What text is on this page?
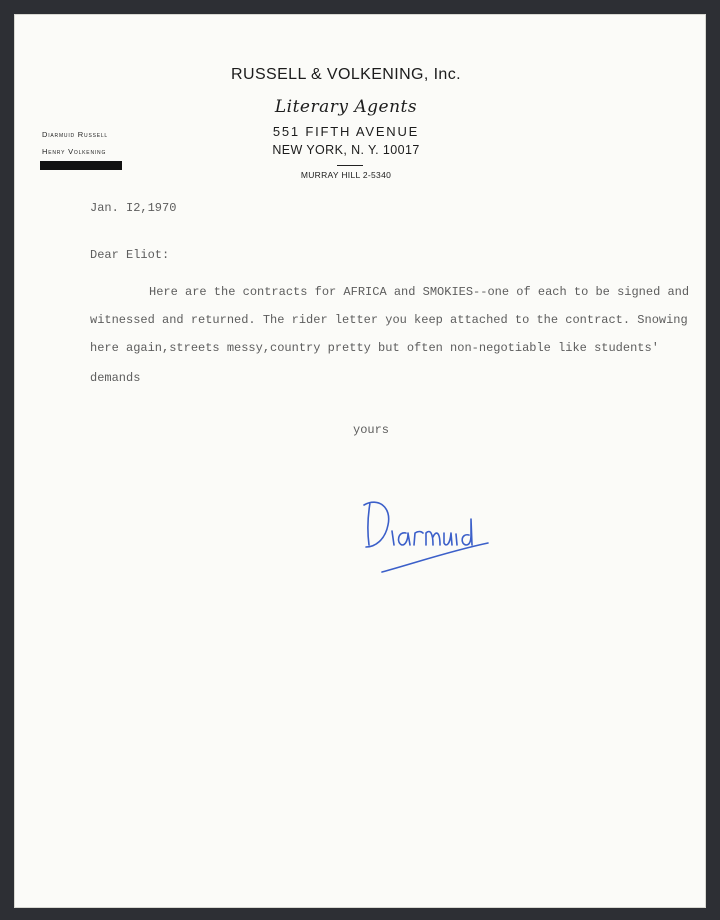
RUSSELL & VOLKENING, Inc.
Literary Agents
551 FIFTH AVENUE
NEW YORK, N. Y. 10017
MURRAY HILL 2-5340
Diarmuid Russell
Henry Volkening
Jan. I2,1970
Dear Eliot:
Here are the contracts for AFRICA and SMOKIES--one of each to be signed and
witnessed and returned. The rider letter you keep attached to the contract. Snowing
here again,streets messy,country pretty but often non-negotiable like students'
demands
yours
